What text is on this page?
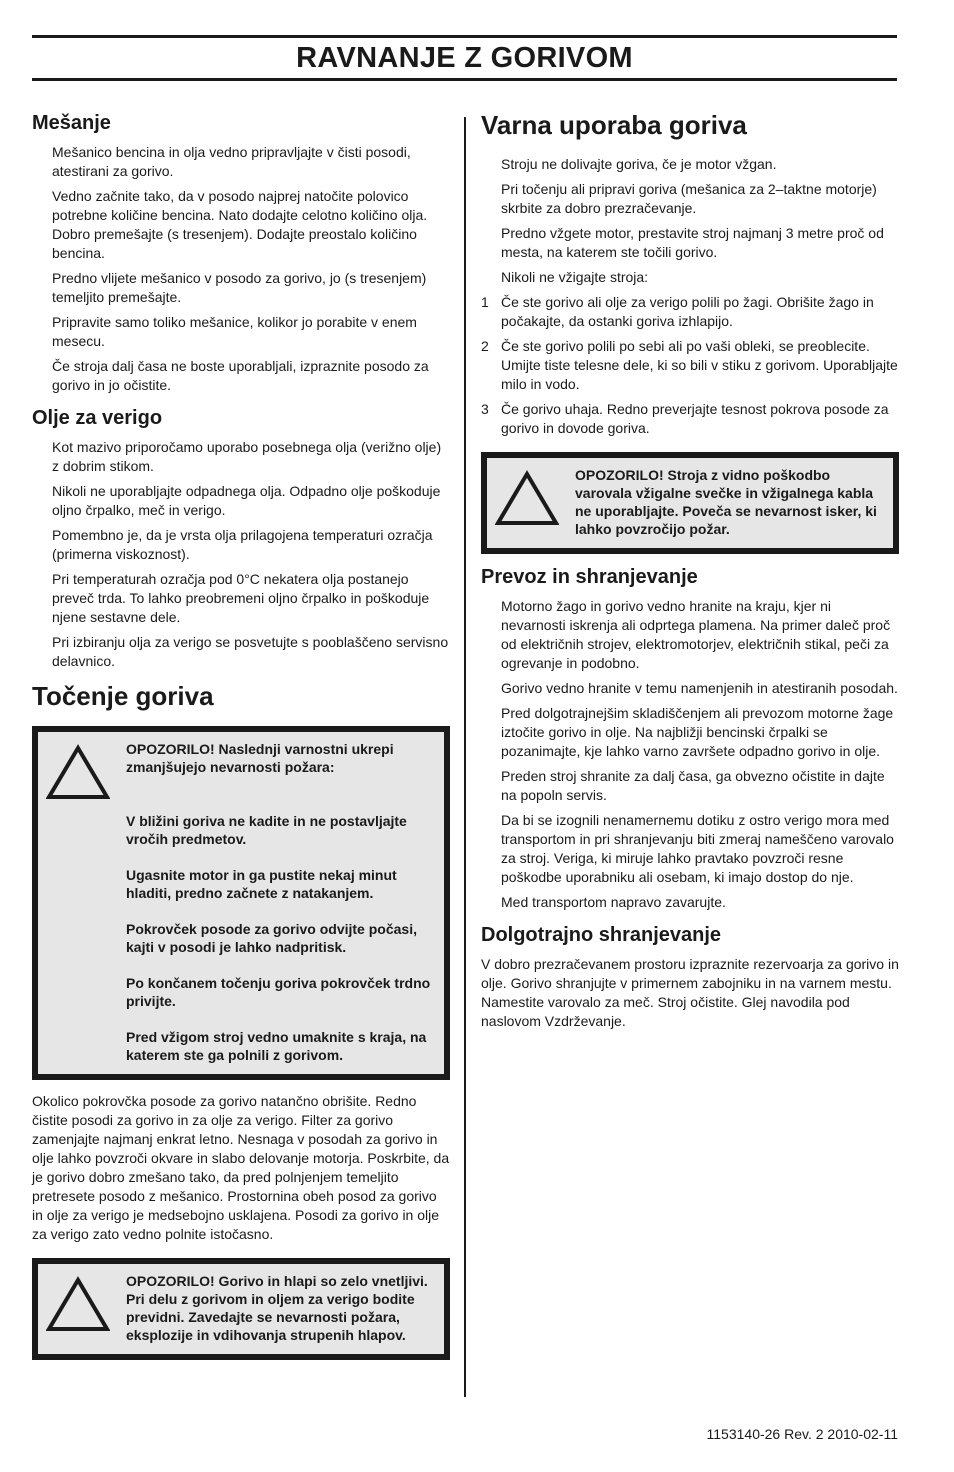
RAVNANJE Z GORIVOM
Mešanje

Mešanico bencina in olja vedno pripravljajte v čisti posodi, atestirani za gorivo.

Vedno začnite tako, da v posodo najprej natočite polovico potrebne količine bencina. Nato dodajte celotno količino olja. Dobro premešajte (s tresenjem). Dodajte preostalo količino bencina.

Predno vlijete mešanico v posodo za gorivo, jo (s tresenjem) temeljito premešajte.

Pripravite samo toliko mešanice, kolikor jo porabite v enem mesecu.

Če stroja dalj časa ne boste uporabljali, izpraznite posodo za gorivo in jo očistite.

Olje za verigo

Kot mazivo priporočamo uporabo posebnega olja (verižno olje) z dobrim stikom.

Nikoli ne uporabljajte odpadnega olja. Odpadno olje poškoduje oljno črpalko, meč in verigo.

Pomembno je, da je vrsta olja prilagojena temperaturi ozračja (primerna viskoznost).

Pri temperaturah ozračja pod 0°C nekatera olja postanejo preveč trda. To lahko preobremeni oljno črpalko in poškoduje njene sestavne dele.

Pri izbiranju olja za verigo se posvetujte s pooblaščeno servisno delavnico.

Točenje goriva

OPOZORILO! Naslednji varnostni ukrepi zmanjšujejo nevarnosti požara:

V bližini goriva ne kadite in ne postavljajte vročih predmetov.

Ugasnite motor in ga pustite nekaj minut hladiti, predno začnete z natakanjem.

Pokrovček posode za gorivo odvijte počasi, kajti v posodi je lahko nadpritisk.

Po končanem točenju goriva pokrovček trdno privijte.

Pred vžigom stroj vedno umaknite s kraja, na katerem ste ga polnili z gorivom.

Okolico pokrovčka posode za gorivo natančno obrišite. Redno čistite posodi za gorivo in za olje za verigo. Filter za gorivo zamenjajte najmanj enkrat letno. Nesnaga v posodah za gorivo in olje lahko povzroči okvare in slabo delovanje motorja. Poskrbite, da je gorivo dobro zmešano tako, da pred polnjenjem temeljito pretresete posodo z mešanico. Prostornina obeh posod za gorivo in olje za verigo je medsebojno usklajena. Posodi za gorivo in olje za verigo zato vedno polnite istočasno.

OPOZORILO! Gorivo in hlapi so zelo vnetljivi. Pri delu z gorivom in oljem za verigo bodite previdni. Zavedajte se nevarnosti požara, eksplozije in vdihovanja strupenih hlapov.

Varna uporaba goriva

Stroju ne dolivajte goriva, če je motor vžgan.

Pri točenju ali pripravi goriva (mešanica za 2–taktne motorje) skrbite za dobro prezračevanje.

Predno vžgete motor, prestavite stroj najmanj 3 metre proč od mesta, na katerem ste točili gorivo.

Nikoli ne vžigajte stroja:

1 Če ste gorivo ali olje za verigo polili po žagi. Obrišite žago in počakajte, da ostanki goriva izhlapijo.
2 Če ste gorivo polili po sebi ali po vaši obleki, se preoblecite. Umijte tiste telesne dele, ki so bili v stiku z gorivom. Uporabljajte milo in vodo.
3 Če gorivo uhaja. Redno preverjajte tesnost pokrova posode za gorivo in dovode goriva.

OPOZORILO! Stroja z vidno poškodbo varovala vžigalne svečke in vžigalnega kabla ne uporabljajte. Poveča se nevarnost isker, ki lahko povzročijo požar.

Prevoz in shranjevanje

Motorno žago in gorivo vedno hranite na kraju, kjer ni nevarnosti iskrenja ali odprtega plamena. Na primer daleč proč od električnih strojev, elektromotorjev, električnih stikal, peči za ogrevanje in podobno.

Gorivo vedno hranite v temu namenjenih in atestiranih posodah.

Pred dolgotrajnejšim skladiščenjem ali prevozom motorne žage iztočite gorivo in olje. Na najbližji bencinski črpalki se pozanimajte, kje lahko varno završete odpadno gorivo in olje.

Preden stroj shranite za dalj časa, ga obvezno očistite in dajte na popoln servis.

Da bi se izognili nenamernemu dotiku z ostro verigo mora med transportom in pri shranjevanju biti zmeraj nameščeno varovalo za stroj. Veriga, ki miruje lahko pravtako povzroči resne poškodbe uporabniku ali osebam, ki imajo dostop do nje.

Med transportom napravo zavarujte.

Dolgotrajno shranjevanje

V dobro prezračevanem prostoru izpraznite rezervoarja za gorivo in olje. Gorivo shranjujte v primernem zabojniku in na varnem mestu. Namestite varovalo za meč. Stroj očistite. Glej navodila pod naslovom Vzdrževanje.

1153140-26 Rev. 2 2010-02-11
